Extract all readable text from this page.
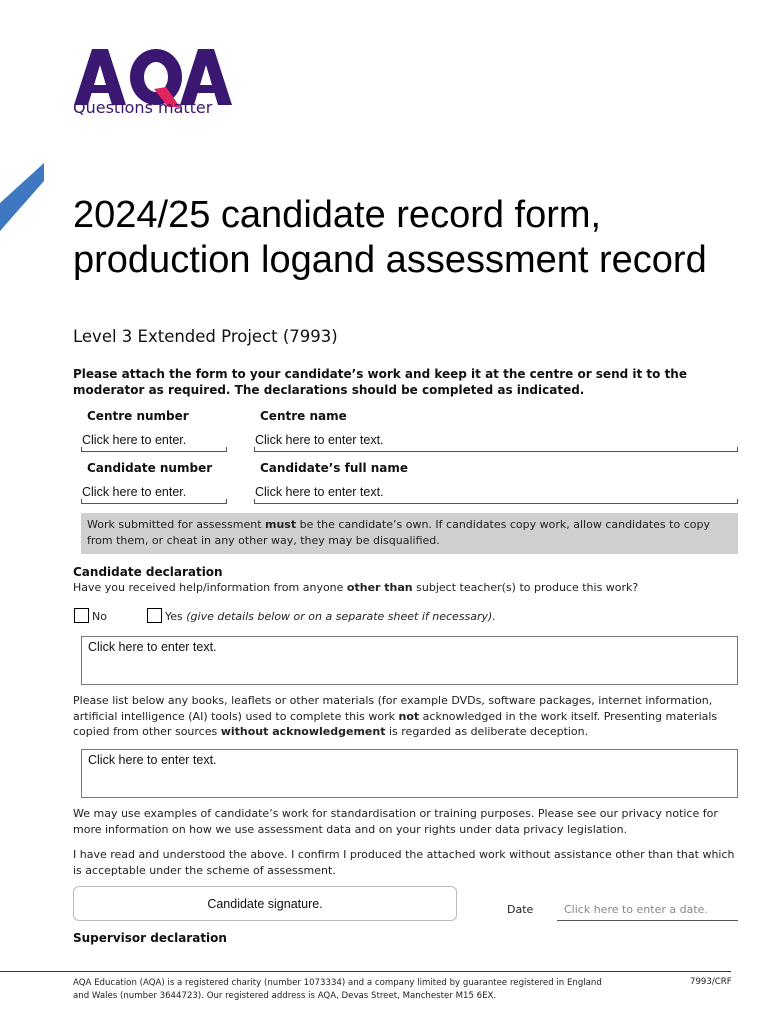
Questions matter
2024/25 candidate record form, production logand assessment record
Level 3 Extended Project (7993)
Please attach the form to your candidate’s work and keep it at the centre or send it to the moderator as required. The declarations should be completed as indicated.
Centre number
Click here to enter.
Centre name
Click here to enter text.
Candidate number
Click here to enter.
Candidate’s full name
Click here to enter text.
Work submitted for assessment must be the candidate’s own. If candidates copy work, allow candidates to copy from them, or cheat in any other way, they may be disqualified.
Candidate declaration
Have you received help/information from anyone other than subject teacher(s) to produce this work?
No	Yes (give details below or on a separate sheet if necessary).
Click here to enter text.
Please list below any books, leaflets or other materials (for example DVDs, software packages, internet information, artificial intelligence (AI) tools) used to complete this work not acknowledged in the work itself. Presenting materials copied from other sources without acknowledgement is regarded as deliberate deception.
Click here to enter text.
We may use examples of candidate’s work for standardisation or training purposes. Please see our privacy notice for more information on how we use assessment data and on your rights under data privacy legislation.
I have read and understood the above. I confirm I produced the attached work without assistance other than that which is acceptable under the scheme of assessment.
Candidate signature.	Date	Click here to enter a date.
Supervisor declaration
AQA Education (AQA) is a registered charity (number 1073334) and a company limited by guarantee registered in England and Wales (number 3644723). Our registered address is AQA, Devas Street, Manchester M15 6EX.
7993/CRF
